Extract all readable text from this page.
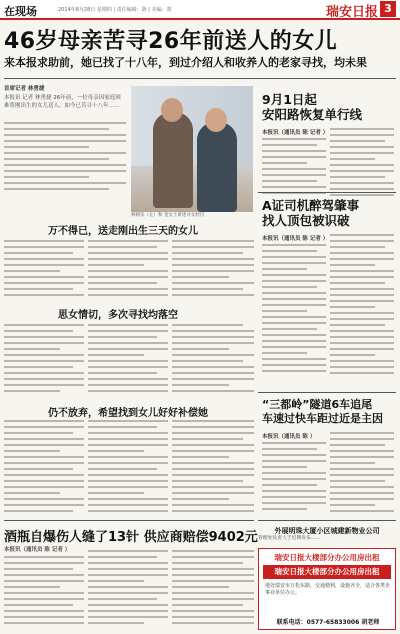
在现场	2014年8月28日 星期四 | 责任编辑：陈 | 美编：郑	瑞安日报 3
46岁母亲苦寻26年前送人的女儿
来本报求助前，她已找了十八年，到过介绍人和收养人的老家寻找，均未果
首席记者 林勇捷
本报讯 记者 林勇捷 26年前，一位母亲因家庭困难将刚出生的女儿送人，如今已苦寻十八年……
林朝乐（左）和 金女士讲述寻女经历
万不得已，送走刚出生三天的女儿
思女情切，多次寻找均落空
仍不放弃，希望找到女儿好好补偿她
酒瓶自爆伤人缝了13针 供应商赔偿9402元
本报讯（通讯员 陈 记者 ）
9月1日起
安阳路恢复单行线
本报讯（通讯员 陈 记者 ）
A证司机醉驾肇事
找人顶包被识破
本报讯（通讯员 陈 记者 ）
“三都岭”隧道6车追尾
车速过快车距过近是主因
本报讯（通讯员 陈 ）
外展明珠大厦小区城建新物业公司
管理处负责人于近期发布……
瑞安日报大楼部分办公用房出租
瑞安日报大楼部分办公用房出租
地处瑞安市万松东路，交通便利，设施齐全，适合各类企事业单位办公。
联系电话：0577-65833006 胡老师
